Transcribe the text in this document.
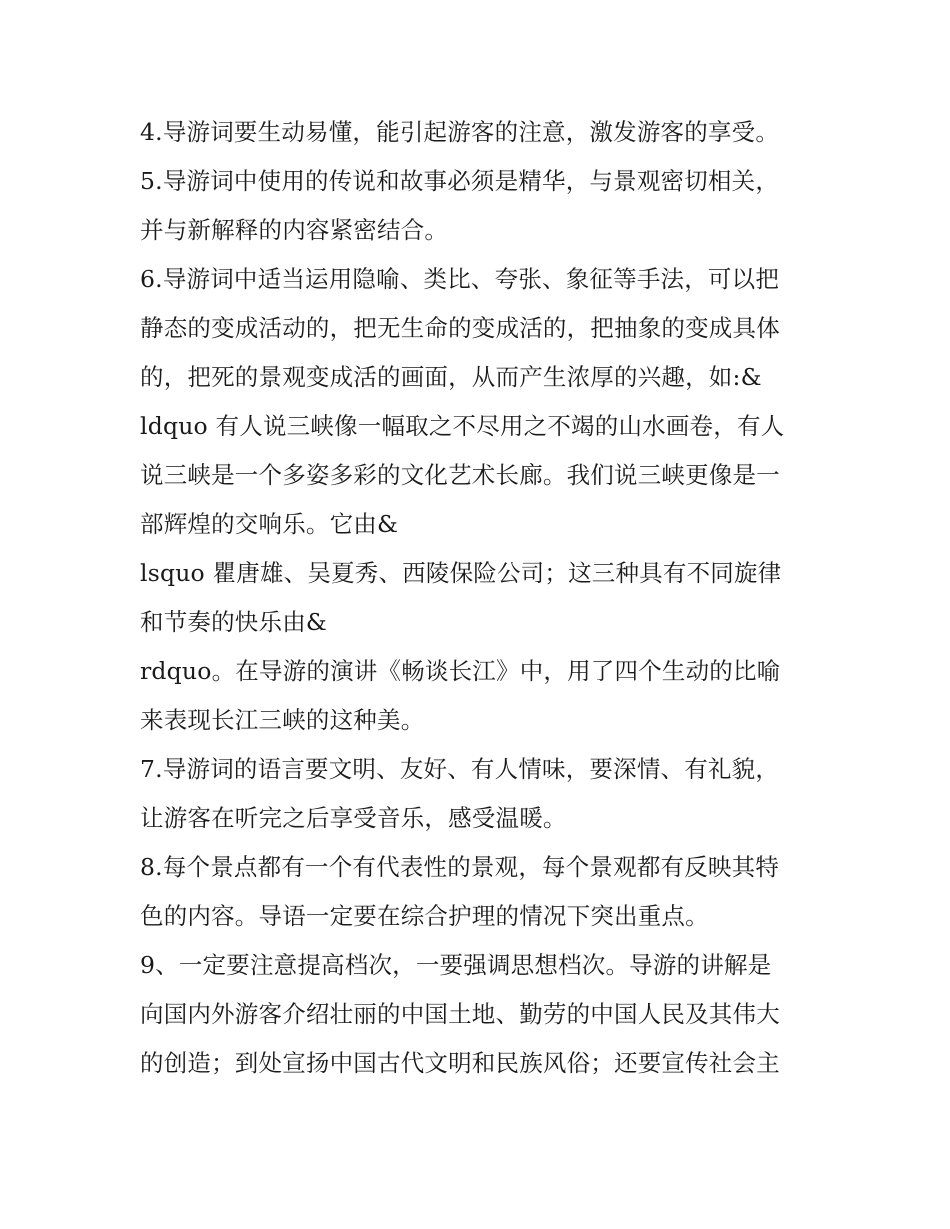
4.导游词要生动易懂，能引起游客的注意，激发游客的享受。
5.导游词中使用的传说和故事必须是精华，与景观密切相关，
并与新解释的内容紧密结合。
6.导游词中适当运用隐喻、类比、夸张、象征等手法，可以把
静态的变成活动的，把无生命的变成活的，把抽象的变成具体
的，把死的景观变成活的画面，从而产生浓厚的兴趣，如:&
ldquo 有人说三峡像一幅取之不尽用之不竭的山水画卷，有人
说三峡是一个多姿多彩的文化艺术长廊。我们说三峡更像是一
部辉煌的交响乐。它由&
lsquo 瞿唐雄、吴夏秀、西陵保险公司；这三种具有不同旋律
和节奏的快乐由&
rdquo。在导游的演讲《畅谈长江》中，用了四个生动的比喻
来表现长江三峡的这种美。
7.导游词的语言要文明、友好、有人情味，要深情、有礼貌，
让游客在听完之后享受音乐，感受温暖。
8.每个景点都有一个有代表性的景观，每个景观都有反映其特
色的内容。导语一定要在综合护理的情况下突出重点。
9、一定要注意提高档次，一要强调思想档次。导游的讲解是
向国内外游客介绍壮丽的中国土地、勤劳的中国人民及其伟大
的创造；到处宣扬中国古代文明和民族风俗；还要宣传社会主
